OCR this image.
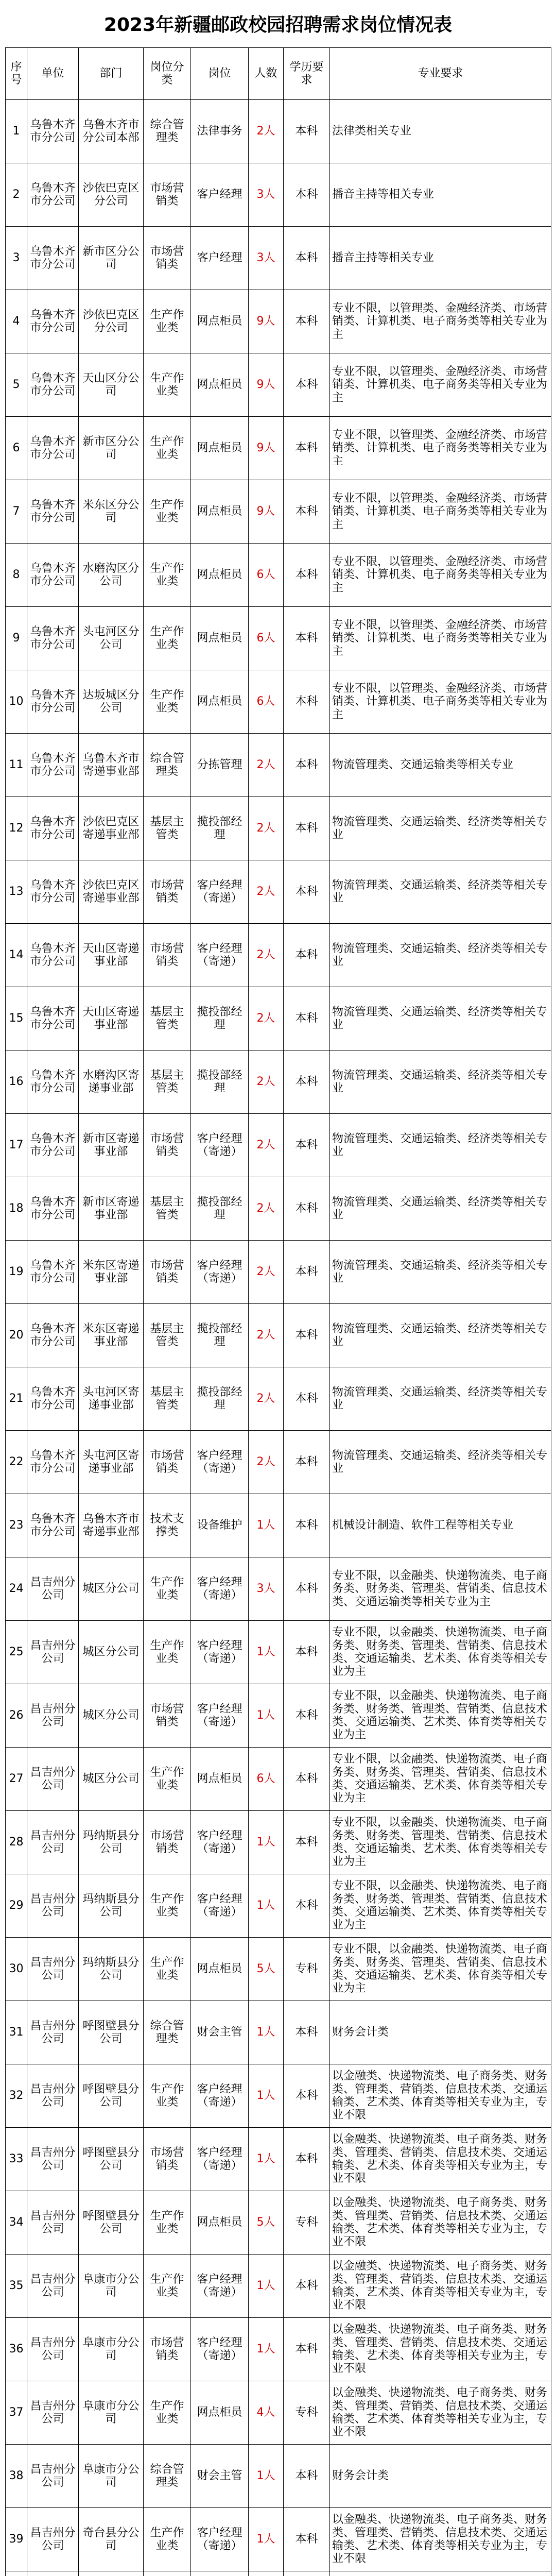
2023年新疆邮政校园招聘需求岗位情况表
序号	单位	部门	岗位分类	岗位	人数	学历要求	专业要求
1	乌鲁木齐市分公司	乌鲁木齐市分公司本部	综合管理类	法律事务	2人	本科	法律类相关专业
2	乌鲁木齐市分公司	沙依巴克区分公司	市场营销类	客户经理	3人	本科	播音主持等相关专业
3	乌鲁木齐市分公司	新市区分公司	市场营销类	客户经理	3人	本科	播音主持等相关专业
4	乌鲁木齐市分公司	沙依巴克区分公司	生产作业类	网点柜员	9人	本科	专业不限，以管理类、金融经济类、市场营销类、计算机类、电子商务类等相关专业为主
5	乌鲁木齐市分公司	天山区分公司	生产作业类	网点柜员	9人	本科	专业不限，以管理类、金融经济类、市场营销类、计算机类、电子商务类等相关专业为主
6	乌鲁木齐市分公司	新市区分公司	生产作业类	网点柜员	9人	本科	专业不限，以管理类、金融经济类、市场营销类、计算机类、电子商务类等相关专业为主
7	乌鲁木齐市分公司	米东区分公司	生产作业类	网点柜员	9人	本科	专业不限，以管理类、金融经济类、市场营销类、计算机类、电子商务类等相关专业为主
8	乌鲁木齐市分公司	水磨沟区分公司	生产作业类	网点柜员	6人	本科	专业不限，以管理类、金融经济类、市场营销类、计算机类、电子商务类等相关专业为主
9	乌鲁木齐市分公司	头屯河区分公司	生产作业类	网点柜员	6人	本科	专业不限，以管理类、金融经济类、市场营销类、计算机类、电子商务类等相关专业为主
10	乌鲁木齐市分公司	达坂城区分公司	生产作业类	网点柜员	6人	本科	专业不限，以管理类、金融经济类、市场营销类、计算机类、电子商务类等相关专业为主
11	乌鲁木齐市分公司	乌鲁木齐市寄递事业部	综合管理类	分拣管理	2人	本科	物流管理类、交通运输类等相关专业
12	乌鲁木齐市分公司	沙依巴克区寄递事业部	基层主管类	揽投部经理	2人	本科	物流管理类、交通运输类、经济类等相关专业
13	乌鲁木齐市分公司	沙依巴克区寄递事业部	市场营销类	客户经理（寄递）	2人	本科	物流管理类、交通运输类、经济类等相关专业
14	乌鲁木齐市分公司	天山区寄递事业部	市场营销类	客户经理（寄递）	2人	本科	物流管理类、交通运输类、经济类等相关专业
15	乌鲁木齐市分公司	天山区寄递事业部	基层主管类	揽投部经理	2人	本科	物流管理类、交通运输类、经济类等相关专业
16	乌鲁木齐市分公司	水磨沟区寄递事业部	基层主管类	揽投部经理	2人	本科	物流管理类、交通运输类、经济类等相关专业
17	乌鲁木齐市分公司	新市区寄递事业部	市场营销类	客户经理（寄递）	2人	本科	物流管理类、交通运输类、经济类等相关专业
18	乌鲁木齐市分公司	新市区寄递事业部	基层主管类	揽投部经理	2人	本科	物流管理类、交通运输类、经济类等相关专业
19	乌鲁木齐市分公司	米东区寄递事业部	市场营销类	客户经理（寄递）	2人	本科	物流管理类、交通运输类、经济类等相关专业
20	乌鲁木齐市分公司	米东区寄递事业部	基层主管类	揽投部经理	2人	本科	物流管理类、交通运输类、经济类等相关专业
21	乌鲁木齐市分公司	头屯河区寄递事业部	基层主管类	揽投部经理	2人	本科	物流管理类、交通运输类、经济类等相关专业
22	乌鲁木齐市分公司	头屯河区寄递事业部	市场营销类	客户经理（寄递）	2人	本科	物流管理类、交通运输类、经济类等相关专业
23	乌鲁木齐市分公司	乌鲁木齐市寄递事业部	技术支撑类	设备维护	1人	本科	机械设计制造、软件工程等相关专业
24	昌吉州分公司	城区分公司	生产作业类	客户经理（寄递）	3人	本科	专业不限，以金融类、快递物流类、电子商务类、财务类、管理类、营销类、信息技术类、交通运输类等相关专业为主
25	昌吉州分公司	城区分公司	生产作业类	客户经理（寄递）	1人	本科	专业不限，以金融类、快递物流类、电子商务类、财务类、管理类、营销类、信息技术类、交通运输类、艺术类、体育类等相关专业为主
26	昌吉州分公司	城区分公司	市场营销类	客户经理（寄递）	1人	本科	专业不限，以金融类、快递物流类、电子商务类、财务类、管理类、营销类、信息技术类、交通运输类、艺术类、体育类等相关专业为主
27	昌吉州分公司	城区分公司	生产作业类	网点柜员	6人	本科	专业不限，以金融类、快递物流类、电子商务类、财务类、管理类、营销类、信息技术类、交通运输类、艺术类、体育类等相关专业为主
28	昌吉州分公司	玛纳斯县分公司	市场营销类	客户经理（寄递）	1人	本科	专业不限，以金融类、快递物流类、电子商务类、财务类、管理类、营销类、信息技术类、交通运输类、艺术类、体育类等相关专业为主
29	昌吉州分公司	玛纳斯县分公司	生产作业类	客户经理（寄递）	1人	本科	专业不限，以金融类、快递物流类、电子商务类、财务类、管理类、营销类、信息技术类、交通运输类、艺术类、体育类等相关专业为主
30	昌吉州分公司	玛纳斯县分公司	生产作业类	网点柜员	5人	专科	专业不限，以金融类、快递物流类、电子商务类、财务类、管理类、营销类、信息技术类、交通运输类、艺术类、体育类等相关专业为主
31	昌吉州分公司	呼图壁县分公司	综合管理类	财会主管	1人	本科	财务会计类
32	昌吉州分公司	呼图壁县分公司	生产作业类	客户经理（寄递）	1人	本科	以金融类、快递物流类、电子商务类、财务类、管理类、营销类、信息技术类、交通运输类、艺术类、体育类等相关专业为主，专业不限
33	昌吉州分公司	呼图壁县分公司	市场营销类	客户经理（寄递）	1人	本科	以金融类、快递物流类、电子商务类、财务类、管理类、营销类、信息技术类、交通运输类、艺术类、体育类等相关专业为主，专业不限
34	昌吉州分公司	呼图壁县分公司	生产作业类	网点柜员	5人	专科	以金融类、快递物流类、电子商务类、财务类、管理类、营销类、信息技术类、交通运输类、艺术类、体育类等相关专业为主，专业不限
35	昌吉州分公司	阜康市分公司	生产作业类	客户经理（寄递）	1人	本科	以金融类、快递物流类、电子商务类、财务类、管理类、营销类、信息技术类、交通运输类、艺术类、体育类等相关专业为主，专业不限
36	昌吉州分公司	阜康市分公司	市场营销类	客户经理（寄递）	1人	本科	以金融类、快递物流类、电子商务类、财务类、管理类、营销类、信息技术类、交通运输类、艺术类、体育类等相关专业为主，专业不限
37	昌吉州分公司	阜康市分公司	生产作业类	网点柜员	4人	专科	以金融类、快递物流类、电子商务类、财务类、管理类、营销类、信息技术类、交通运输类、艺术类、体育类等相关专业为主，专业不限
38	昌吉州分公司	阜康市分公司	综合管理类	财会主管	1人	本科	财务会计类
39	昌吉州分公司	奇台县分公司	生产作业类	客户经理（寄递）	1人	本科	以金融类、快递物流类、电子商务类、财务类、管理类、营销类、信息技术类、交通运输类、艺术类、体育类等相关专业为主，专业不限
